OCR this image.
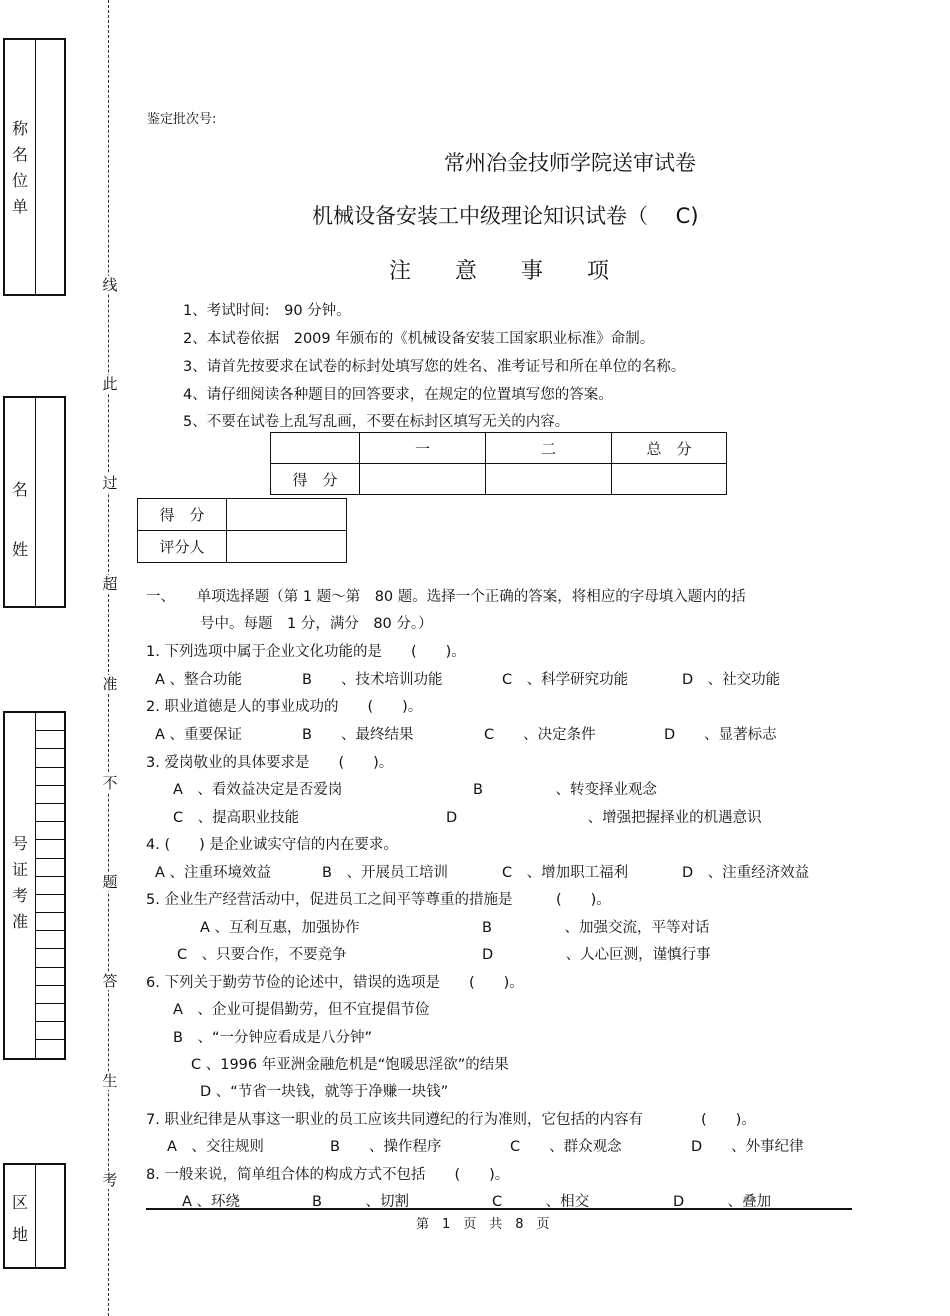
称
名
位
单
名
姓
号
证
考
准
区
地
线
此
过
超
准
不
题
答
生
考
鉴定批次号:
常州冶金技师学院送审试卷
机械设备安装工中级理论知识试卷（　 C)
注　　意　　事　　项
1、考试时间:　90 分钟。
2、本试卷依据　2009 年颁布的《机械设备安装工国家职业标准》命制。
3、请首先按要求在试卷的标封处填写您的姓名、准考证号和所在单位的名称。
4、请仔细阅读各种题目的回答要求，在规定的位置填写您的答案。
5、不要在试卷上乱写乱画，不要在标封区填写无关的内容。
	一	二	总　分
得　分			
得　分	
评分人	
一、　　单项选择题（第 1 题～第　80 题。选择一个正确的答案，将相应的字母填入题内的括
号中。每题　1 分，满分　80 分。）
1. 下列选项中属于企业文化功能的是　　(　　)。
A 、整合功能	B　　、技术培训功能	C　、科学研究功能	D　、社交功能
2. 职业道德是人的事业成功的　　(　　)。
A 、重要保证	B　　、最终结果	C　　、决定条件	D　　、显著标志
3. 爱岗敬业的具体要求是　　(　　)。
A　、看效益决定是否爱岗	B　　　　　、转变择业观念
C　、提高职业技能	D　　　　　　　　　、增强把握择业的机遇意识
4. (　　) 是企业诚实守信的内在要求。
A 、注重环境效益	B　、开展员工培训	C　、增加职工福利	D　、注重经济效益
5. 企业生产经营活动中，促进员工之间平等尊重的措施是　　　(　　)。
A 、互利互惠，加强协作	B　　　　　、加强交流，平等对话
C　、只要合作，不要竞争	D　　　　　、人心叵测，谨慎行事
6. 下列关于勤劳节俭的论述中，错误的选项是　　(　　)。
A　、企业可提倡勤劳，但不宜提倡节俭
B　、“一分钟应看成是八分钟”
C 、1996 年亚洲金融危机是“饱暖思淫欲”的结果
D 、“节省一块钱，就等于净赚一块钱”
7. 职业纪律是从事这一职业的员工应该共同遵纪的行为准则，它包括的内容有　　　　(　　)。
A　、交往规则	B　　、操作程序	C　　、群众观念	D　　、外事纪律
8. 一般来说，简单组合体的构成方式不包括　　(　　)。
A 、环绕	B　　　、切割	C　　　、相交	D　　　、叠加
第　1　页　共　8　页
